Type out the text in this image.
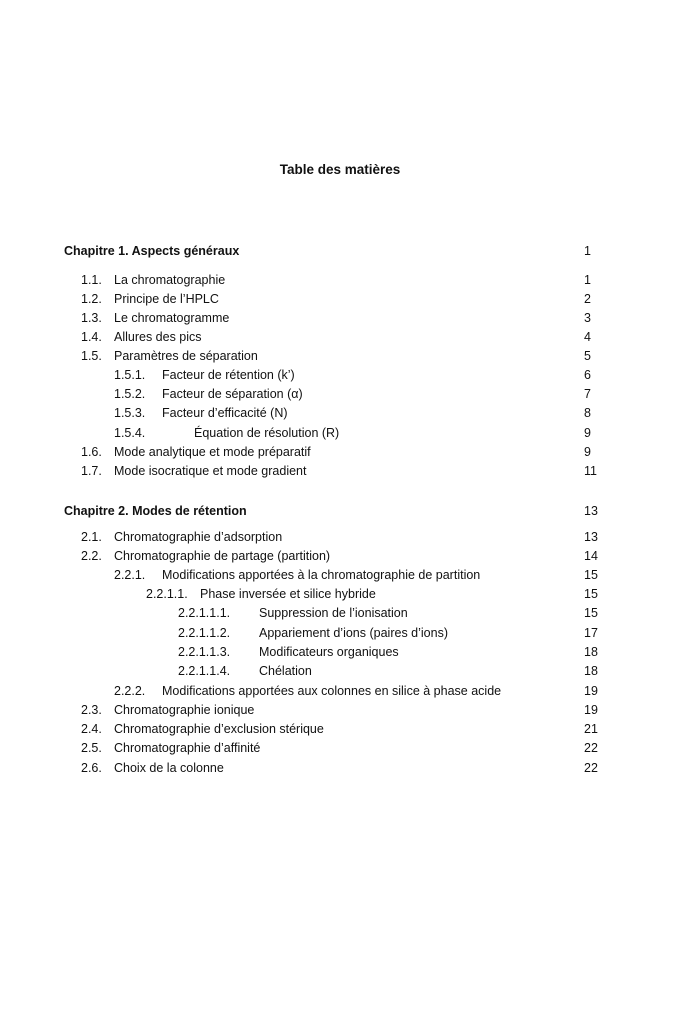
Table des matières
Chapitre 1. Aspects généraux	1
1.1. La chromatographie	1
1.2. Principe de l’HPLC	2
1.3. Le chromatogramme	3
1.4. Allures des pics	4
1.5. Paramètres de séparation	5
1.5.1. Facteur de rétention (k’)	6
1.5.2. Facteur de séparation (α)	7
1.5.3. Facteur d’efficacité (N)	8
1.5.4.	Équation de résolution (R)	9
1.6. Mode analytique et mode préparatif	9
1.7. Mode isocratique et mode gradient	11
Chapitre 2. Modes de rétention	13
2.1. Chromatographie d’adsorption	13
2.2. Chromatographie de partage (partition)	14
2.2.1. Modifications apportées à la chromatographie de partition	15
2.2.1.1. Phase inversée et silice hybride	15
2.2.1.1.1. Suppression de l’ionisation	15
2.2.1.1.2. Appariement d’ions (paires d’ions)	17
2.2.1.1.3. Modificateurs organiques	18
2.2.1.1.4. Chélation	18
2.2.2. Modifications apportées aux colonnes en silice à phase acide	19
2.3. Chromatographie ionique	19
2.4. Chromatographie d’exclusion stérique	21
2.5. Chromatographie d’affinité	22
2.6. Choix de la colonne	22
